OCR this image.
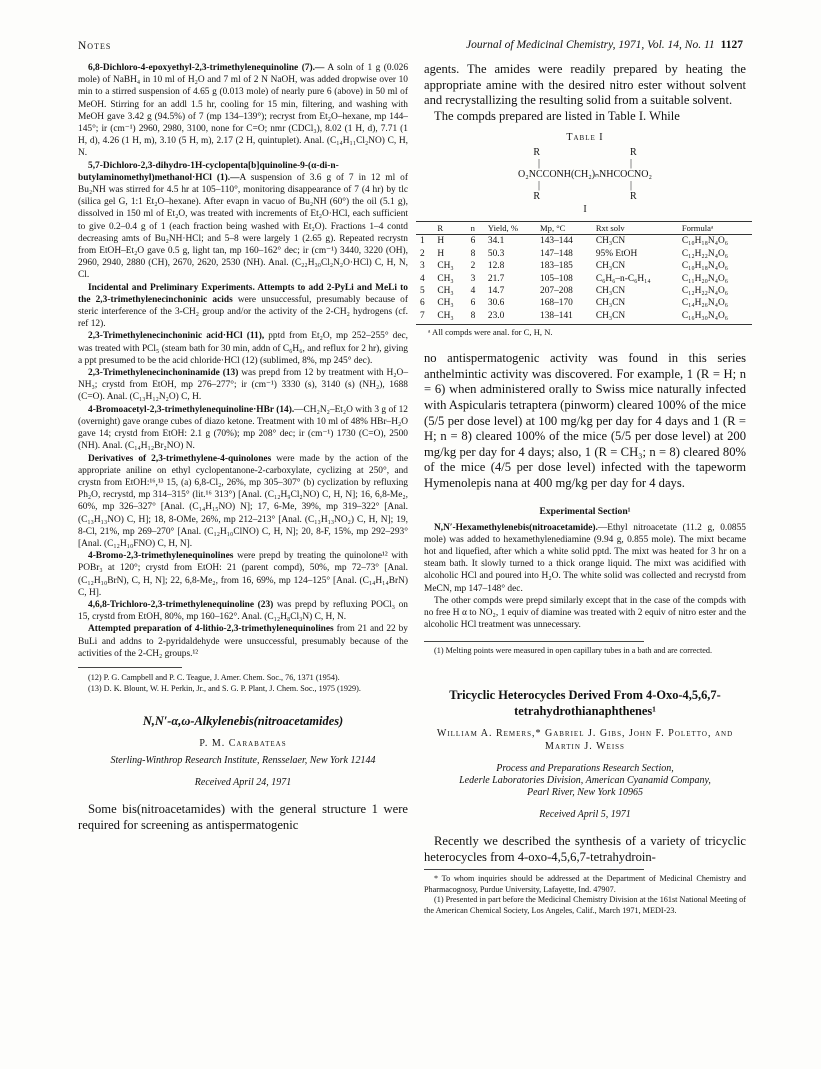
Notes	Journal of Medicinal Chemistry, 1971, Vol. 14, No. 11 1127

6,8-Dichloro-4-epoxyethyl-2,3-trimethylenequinoline (7).— A soln of 1 g (0.026 mole) of NaBH₄ in 10 ml of H₂O and 7 ml of 2 N NaOH, was added dropwise over 10 min to a stirred suspension of 4.65 g (0.013 mole) of nearly pure 6 (above) in 50 ml of MeOH. Stirring for an addl 1.5 hr, cooling for 15 min, filtering, and washing with MeOH gave 3.42 g (94.5%) of 7 (mp 134–139°); recryst from Et₂O–hexane, mp 144–145°; ir (cm⁻¹) 2960, 2980, 3100, none for C=O; nmr (CDCl₃), 8.02 (1 H, d), 7.71 (1 H, d), 4.26 (1 H, m), 3.10 (5 H, m), 2.17 (2 H, quintuplet). Anal. (C₁₄H₁₁Cl₂NO) C, H, N.

5,7-Dichloro-2,3-dihydro-1H-cyclopenta[b]quinoline-9-(α-di-n-butylaminomethyl)methanol·HCl (1).—A suspension of 3.6 g of 7 in 12 ml of Bu₂NH was stirred for 4.5 hr at 105–110°, monitoring disappearance of 7 (4 hr) by tlc (silica gel G, 1:1 Et₂O–hexane). After evapn in vacuo of Bu₂NH (60°) the oil (5.1 g), dissolved in 150 ml of Et₂O, was treated with increments of Et₂O·HCl, each sufficient to give 0.2–0.4 g of 1 (each fraction being washed with Et₂O). Fractions 1–4 contd decreasing amts of Bu₂NH·HCl; and 5–8 were largely 1 (2.65 g). Repeated recrystn from EtOH–Et₂O gave 0.5 g, light tan, mp 160–162° dec; ir (cm⁻¹) 3440, 3220 (OH), 2960, 2940, 2880 (CH), 2670, 2620, 2530 (NH). Anal. (C₂₂H₃₀Cl₂N₂O·HCl) C, H, N, Cl.

Incidental and Preliminary Experiments. Attempts to add 2-PyLi and MeLi to the 2,3-trimethylenecinchoninic acids were unsuccessful, presumably because of steric interference of the 3-CH₂ group and/or the activity of the 2-CH₂ hydrogens (cf. ref 12).

2,3-Trimethylenecinchoninic acid·HCl (11), pptd from Et₂O, mp 252–255° dec, was treated with PCl₅ (steam bath for 30 min, addn of C₆H₆, and reflux for 2 hr), giving a ppt presumed to be the acid chloride·HCl (12) (sublimed, 8%, mp 245° dec).

2,3-Trimethylenecinchoninamide (13) was prepd from 12 by treatment with H₂O–NH₃; crystd from EtOH, mp 276–277°; ir (cm⁻¹) 3330 (s), 3140 (s) (NH₂), 1688 (C=O). Anal. (C₁₃H₁₂N₂O) C, H.

4-Bromoacetyl-2,3-trimethylenequinoline·HBr (14).—CH₂N₂–Et₂O with 3 g of 12 (overnight) gave orange cubes of diazo ketone. Treatment with 10 ml of 48% HBr–H₂O gave 14; crystd from EtOH: 2.1 g (70%); mp 208° dec; ir (cm⁻¹) 1730 (C=O), 2500 (NH). Anal. (C₁₄H₁₂Br₂NO) N.

Derivatives of 2,3-trimethylene-4-quinolones were made by the action of the appropriate aniline on ethyl cyclopentanone-2-carboxylate, cyclizing at 250°, and crystn from EtOH:¹⁶,¹³ 15, (a) 6,8-Cl₂, 26%, mp 305–307° (b) cyclization by refluxing Ph₂O, recrystd, mp 314–315° (lit.¹⁶ 313°) [Anal. (C₁₂H₉Cl₂NO) C, H, N]; 16, 6,8-Me₂, 60%, mp 326–327° [Anal. (C₁₄H₁₅NO) N]; 17, 6-Me, 39%, mp 319–322° [Anal. (C₁₃H₁₃NO) C, H]; 18, 8-OMe, 26%, mp 212–213° [Anal. (C₁₃H₁₃NO₂) C, H, N]; 19, 8-Cl, 21%, mp 269–270° [Anal. (C₁₂H₁₀ClNO) C, H, N]; 20, 8-F, 15%, mp 292–293° [Anal. (C₁₂H₁₀FNO) C, H, N].

4-Bromo-2,3-trimethylenequinolines were prepd by treating the quinolone¹² with POBr₃ at 120°; crystd from EtOH: 21 (parent compd), 50%, mp 72–73° [Anal. (C₁₂H₁₀BrN), C, H, N]; 22, 6,8-Me₂, from 16, 69%, mp 124–125° [Anal. (C₁₄H₁₄BrN) C, H].

4,6,8-Trichloro-2,3-trimethylenequinoline (23) was prepd by refluxing POCl₃ on 15, crystd from EtOH, 80%, mp 160–162°. Anal. (C₁₂H₈Cl₃N) C, H, N.

Attempted preparation of 4-lithio-2,3-trimethylenequinolines from 21 and 22 by BuLi and addns to 2-pyridaldehyde were unsuccessful, presumably because of the activities of the 2-CH₂ groups.¹²

(12) P. G. Campbell and P. C. Teague, J. Amer. Chem. Soc., 76, 1371 (1954).

(13) D. K. Blount, W. H. Perkin, Jr., and S. G. P. Plant, J. Chem. Soc., 1975 (1929).

N,N′-α,ω-Alkylenebis(nitroacetamides)
P. M. Carabateas
Sterling-Winthrop Research Institute, Rensselaer, New York 12144
Received April 24, 1971

Some bis(nitroacetamides) with the general structure 1 were required for screening as antispermatogenic

agents. The amides were readily prepared by heating the appropriate amine with the desired nitro ester without solvent and recrystallizing the resulting solid from a suitable solvent.

The compds prepared are listed in Table I. While

Table I
R                                    R
|                                    |
O₂NCCONH(CH₂)ₙNHCOCNO₂
|                                    |
R                                    R
I
	R	n	Yield, %	Mp, °C	Rxt solv	Formulaᵃ
1	H	6	34.1	143–144	CH₃CN	C₁₀H₁₈N₄O₆
2	H	8	50.3	147–148	95% EtOH	C₁₂H₂₂N₄O₆
3	CH₃	2	12.8	183–185	CH₃CN	C₁₀H₁₈N₄O₆
4	CH₃	3	21.7	105–108	C₆H₆–n-C₆H₁₄	C₁₁H₂₀N₄O₆
5	CH₃	4	14.7	207–208	CH₃CN	C₁₂H₂₂N₄O₆
6	CH₃	6	30.6	168–170	CH₃CN	C₁₄H₂₆N₄O₆
7	CH₃	8	23.0	138–141	CH₃CN	C₁₆H₃₀N₄O₆
ᵃ All compds were anal. for C, H, N.

no antispermatogenic activity was found in this series anthelmintic activity was discovered. For example, 1 (R = H; n = 6) when administered orally to Swiss mice naturally infected with Aspicularis tetraptera (pinworm) cleared 100% of the mice (5/5 per dose level) at 100 mg/kg per day for 4 days and 1 (R = H; n = 8) cleared 100% of the mice (5/5 per dose level) at 200 mg/kg per day for 4 days; also, 1 (R = CH₃; n = 8) cleared 80% of the mice (4/5 per dose level) infected with the tapeworm Hymenolepis nana at 400 mg/kg per day for 4 days.

Experimental Section¹

N,N′-Hexamethylenebis(nitroacetamide).—Ethyl nitroacetate (11.2 g, 0.0855 mole) was added to hexamethylenediamine (9.94 g, 0.855 mole). The mixt became hot and liquefied, after which a white solid pptd. The mixt was heated for 3 hr on a steam bath. It slowly turned to a thick orange liquid. The mixt was acidified with alcoholic HCl and poured into H₂O. The white solid was collected and recrystd from MeCN, mp 147–148° dec.

The other compds were prepd similarly except that in the case of the compds with no free H α to NO₂, 1 equiv of diamine was treated with 2 equiv of nitro ester and the alcoholic HCl treatment was unnecessary.

(1) Melting points were measured in open capillary tubes in a bath and are corrected.

Tricyclic Heterocycles Derived From 4-Oxo-4,5,6,7-tetrahydrothianaphthenes¹
William A. Remers,* Gabriel J. Gibs, John F. Poletto, and Martin J. Weiss
Process and Preparations Research Section,
Lederle Laboratories Division, American Cyanamid Company,
Pearl River, New York 10965
Received April 5, 1971

Recently we described the synthesis of a variety of tricyclic heterocycles from 4-oxo-4,5,6,7-tetrahydroin-

* To whom inquiries should be addressed at the Department of Medicinal Chemistry and Pharmacognosy, Purdue University, Lafayette, Ind. 47907.

(1) Presented in part before the Medicinal Chemistry Division at the 161st National Meeting of the American Chemical Society, Los Angeles, Calif., March 1971, MEDI-23.
